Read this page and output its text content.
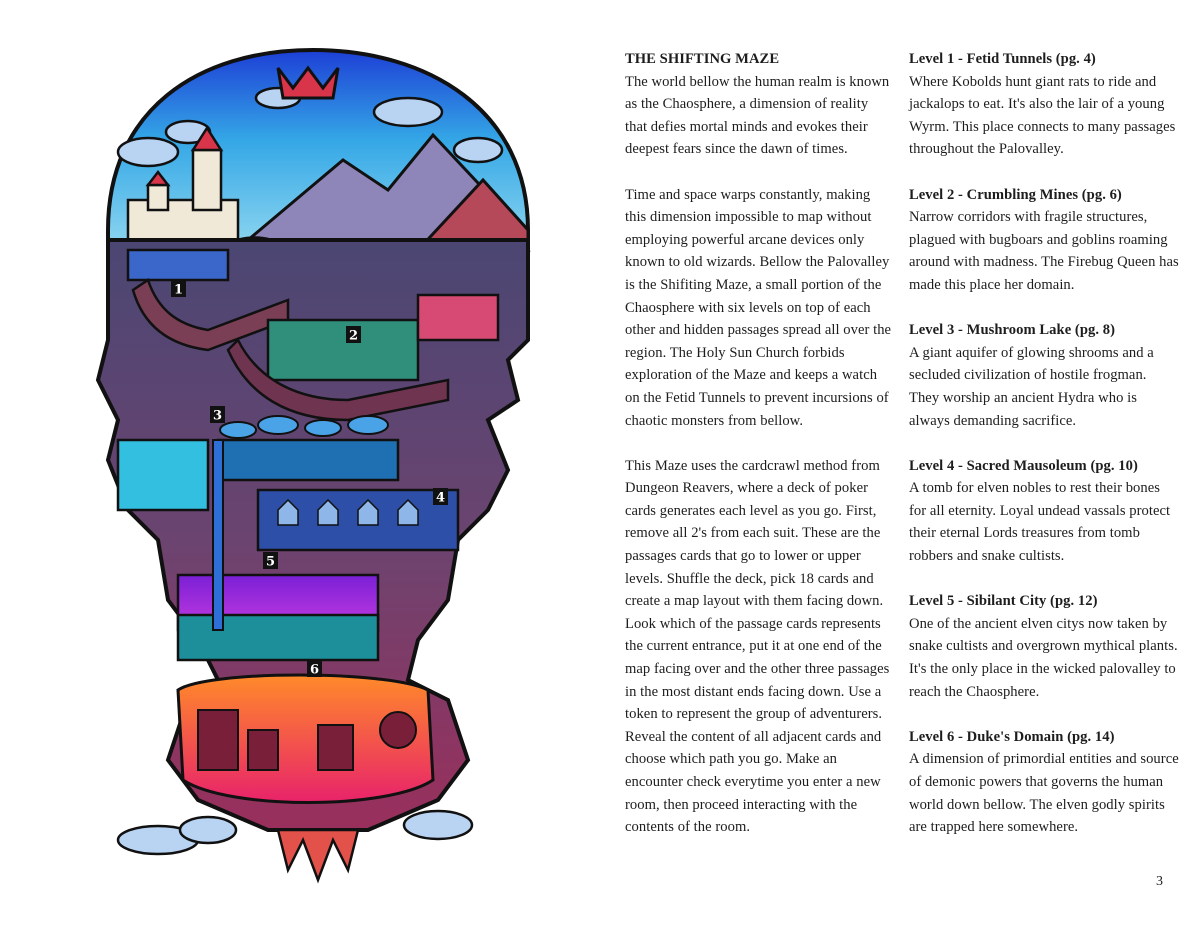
1
2
3
4
5
6
THE SHIFTING MAZE

The world bellow the human realm is known as the Chaosphere, a dimension of reality that defies mortal minds and evokes their deepest fears since the dawn of times.

Time and space warps constantly, making this dimension impossible to map without employing powerful arcane devices only known to old wizards. Bellow the Palovalley is the Shifiting Maze, a small portion of the Chaosphere with six levels on top of each other and hidden passages spread all over the region. The Holy Sun Church forbids exploration of the Maze and keeps a watch on the Fetid Tunnels to prevent incursions of chaotic monsters from bellow.

This Maze uses the cardcrawl method from Dungeon Reavers, where a deck of poker cards generates each level as you go. First, remove all 2's from each suit. These are the passages cards that go to lower or upper levels. Shuffle the deck, pick 18 cards and create a map layout with them facing down. Look which of the passage cards represents the current entrance, put it at one end of the map facing over and the other three passages in the most distant ends facing down. Use a token to represent the group of adventurers. Reveal the content of all adjacent cards and choose which path you go. Make an encounter check everytime you enter a new room, then proceed interacting with the contents of the room.

Level 1 - Fetid Tunnels (pg. 4)
Where Kobolds hunt giant rats to ride and jackalops to eat. It's also the lair of a young Wyrm. This place connects to many passages throughout the Palovalley.
Level 2 - Crumbling Mines (pg. 6)
Narrow corridors with fragile structures, plagued with bugboars and goblins roaming around with madness. The Firebug Queen has made this place her domain.
Level 3 - Mushroom Lake (pg. 8)
A giant aquifer of glowing shrooms and a secluded civilization of hostile frogman. They worship an ancient Hydra who is always demanding sacrifice.
Level 4 - Sacred Mausoleum (pg. 10)
A tomb for elven nobles to rest their bones for all eternity. Loyal undead vassals protect their eternal Lords treasures from tomb robbers and snake cultists.
Level 5 - Sibilant City (pg. 12)
One of the ancient elven citys now taken by snake cultists and overgrown mythical plants. It's the only place in the wicked palovalley to reach the Chaosphere.
Level 6 - Duke's Domain (pg. 14)
A dimension of primordial entities and source of demonic powers that governs the human world down bellow. The elven godly spirits are trapped here somewhere.
3
